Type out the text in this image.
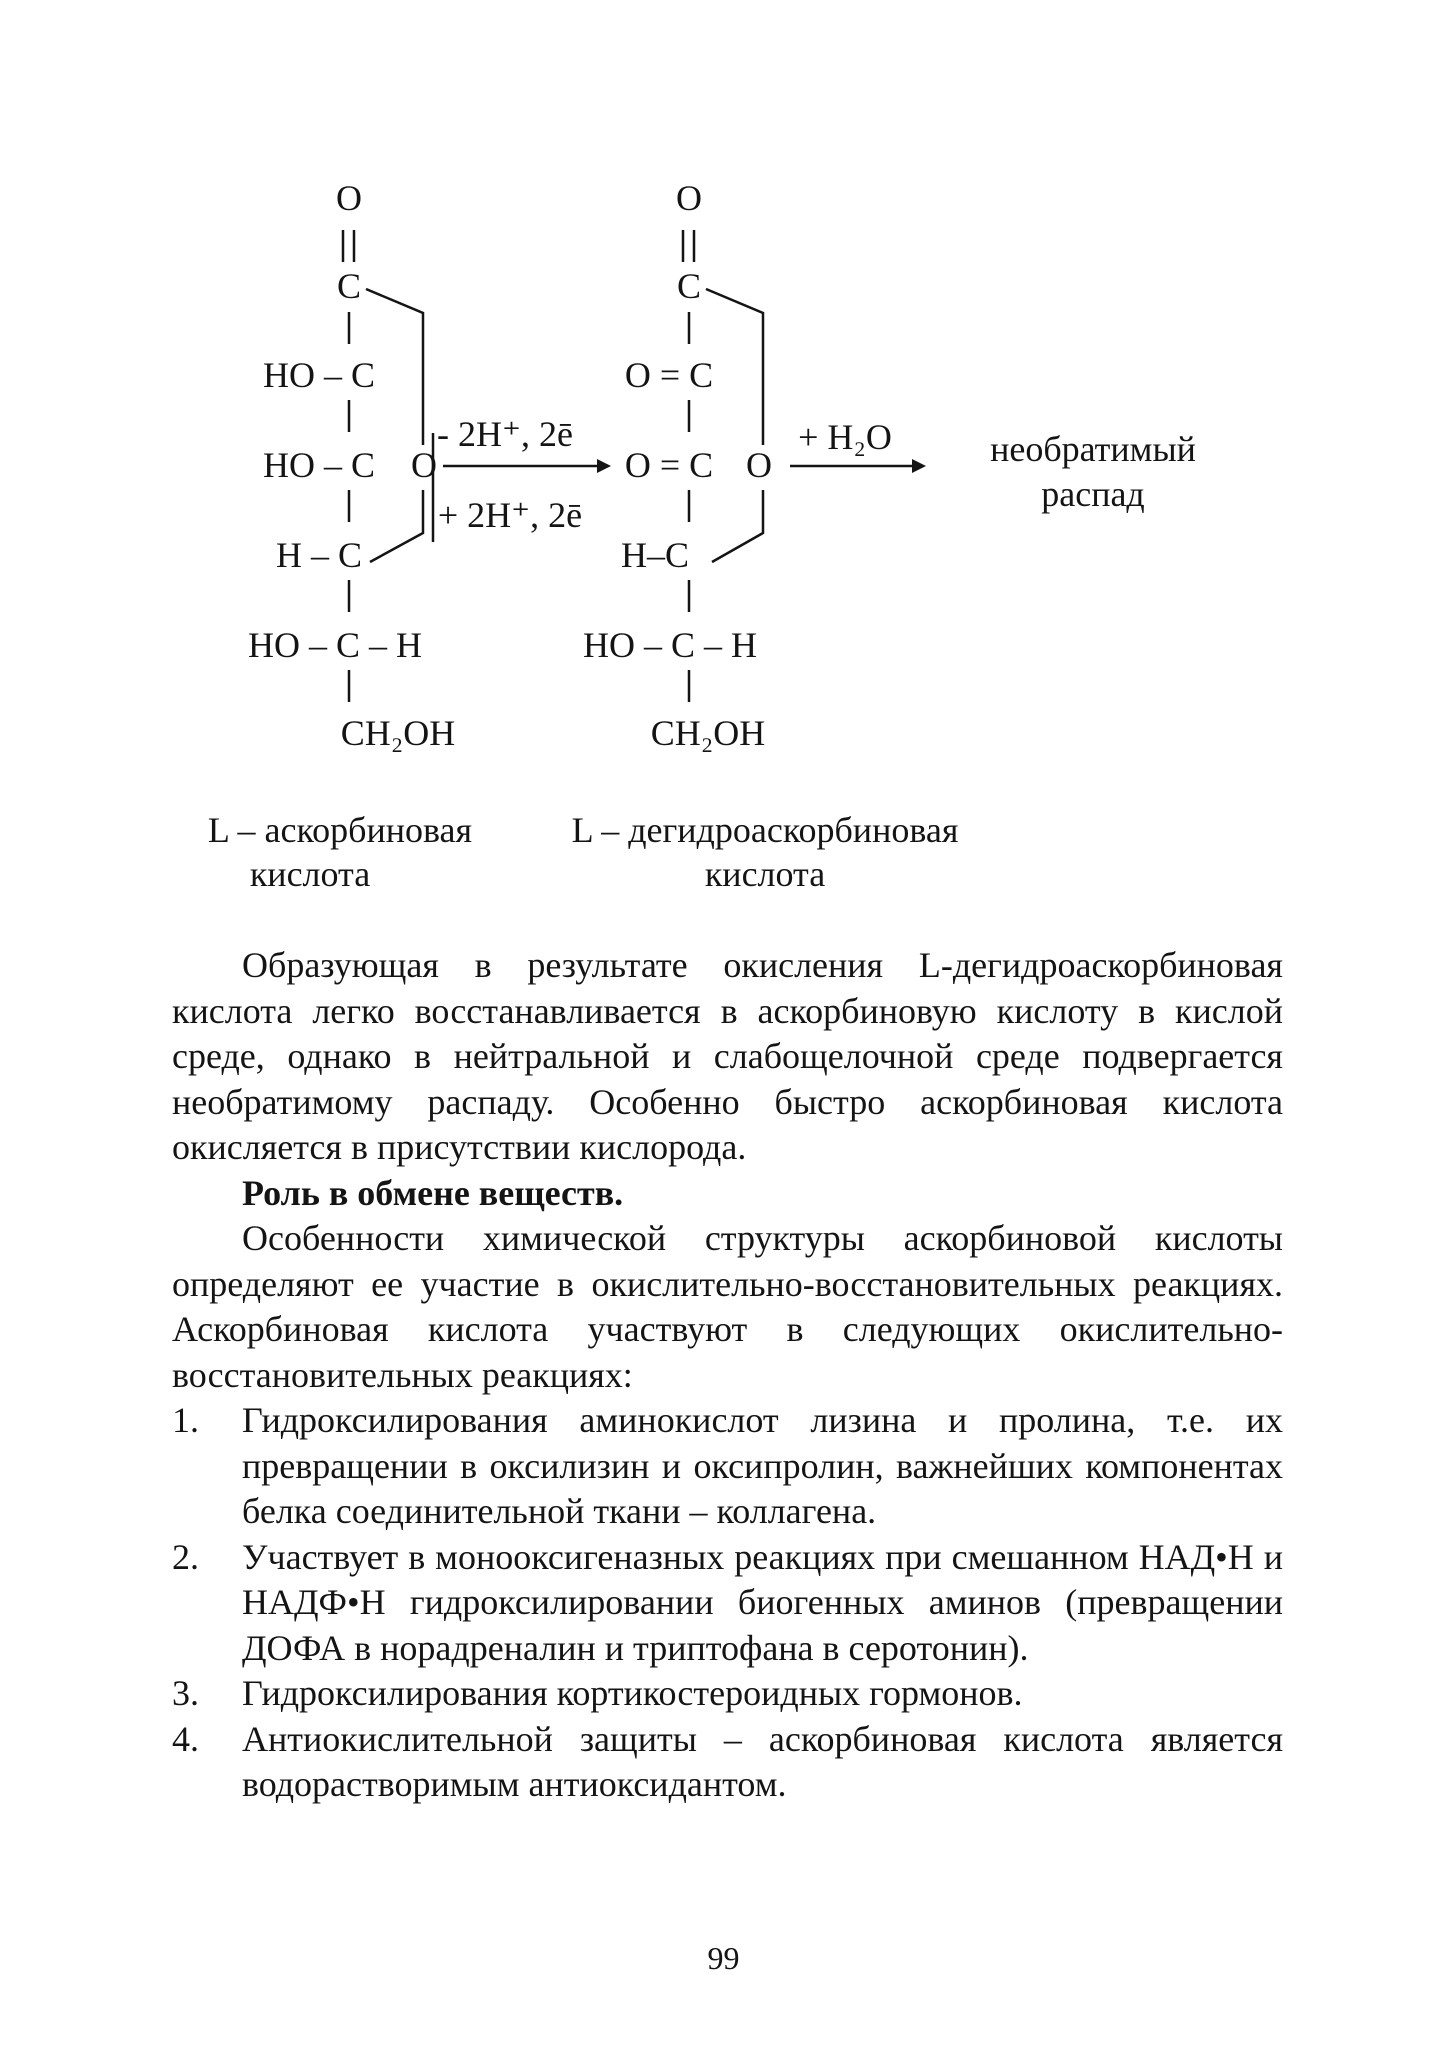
O
C
HO – C
HO – C
H – C
HO – C – H
CH₂OH
O
O
C
O = C
O = C
H–C
HO – C – H
CH₂OH
O
- 2H⁺, 2ē
+ 2H⁺, 2ē
+ H₂O	необратимый
распад
L – аскорбиновая
кислота
L – дегидроаскорбиновая
кислота

Образующая в результате окисления L-дегидроаскорбиновая кислота легко восстанавливается в аскорбиновую кислоту в кислой среде, однако в нейтральной и слабощелочной среде подвергается необратимому распаду. Особенно быстро аскорбиновая кислота окисляется в присутствии кислорода.

Роль в обмене веществ.

Особенности химической структуры аскорбиновой кислоты определяют ее участие в окислительно-восстановительных реакциях. Аскорбиновая кислота участвуют в следующих окислительно-восстановительных реакциях:

1. Гидроксилирования аминокислот лизина и пролина, т.е. их превращении в оксилизин и оксипролин, важнейших компонентах белка соединительной ткани – коллагена.
2. Участвует в монооксигеназных реакциях при смешанном НАД•Н и НАДФ•Н гидроксилировании биогенных аминов (превращении ДОФА в норадреналин и триптофана в серотонин).
3. Гидроксилирования кортикостероидных гормонов.
4. Антиокислительной защиты – аскорбиновая кислота является водорастворимым антиоксидантом.
99
